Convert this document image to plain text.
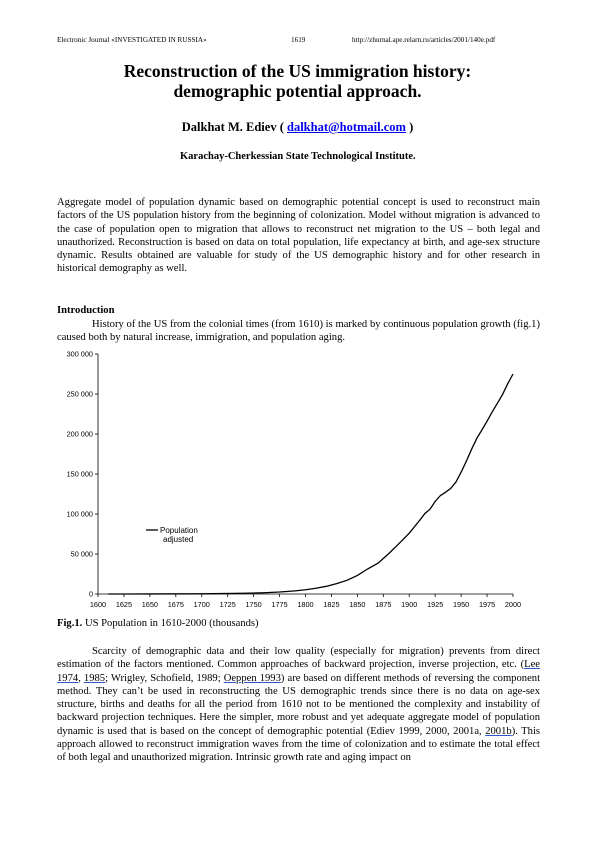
Electronic Journal «INVESTIGATED IN RUSSIA»	1619	http://zhurnal.ape.relarn.ru/articles/2001/140e.pdf
Reconstruction of the US immigration history:
demographic potential approach.
Dalkhat M. Ediev ( dalkhat@hotmail.com )
Karachay-Cherkessian State Technological Institute.
Aggregate model of population dynamic based on demographic potential concept is used to reconstruct main factors of the US population history from the beginning of colonization. Model without migration is advanced to the case of population open to migration that allows to reconstruct net migration to the US – both legal and unauthorized. Reconstruction is based on data on total population, life expectancy at birth, and age-sex structure dynamic. Results obtained are valuable for study of the US demographic history and for other research in historical demography as well.
Introduction
History of the US from the colonial times (from 1610) is marked by continuous population growth (fig.1) caused both by natural increase, immigration, and population aging.
0
50 000
100 000
150 000
200 000
250 000
300 000
1600 1625 1650 1675 1700 1725 1750 1775 1800 1825 1850 1875 1900 1925 1950 1975 2000
Population
adjusted
Fig.1. US Population in 1610-2000 (thousands)
Scarcity of demographic data and their low quality (especially for migration) prevents from direct estimation of the factors mentioned. Common approaches of backward projection, inverse projection, etc. (Lee 1974, 1985; Wrigley, Schofield, 1989; Oeppen 1993) are based on different methods of reversing the component method. They can’t be used in reconstructing the US demographic trends since there is no data on age-sex structure, births and deaths for all the period from 1610 not to be mentioned the complexity and instability of backward projection techniques. Here the simpler, more robust and yet adequate aggregate model of population dynamic is used that is based on the concept of demographic potential (Ediev 1999, 2000, 2001a, 2001b). This approach allowed to reconstruct immigration waves from the time of colonization and to estimate the total effect of both legal and unauthorized migration. Intrinsic growth rate and aging impact on
